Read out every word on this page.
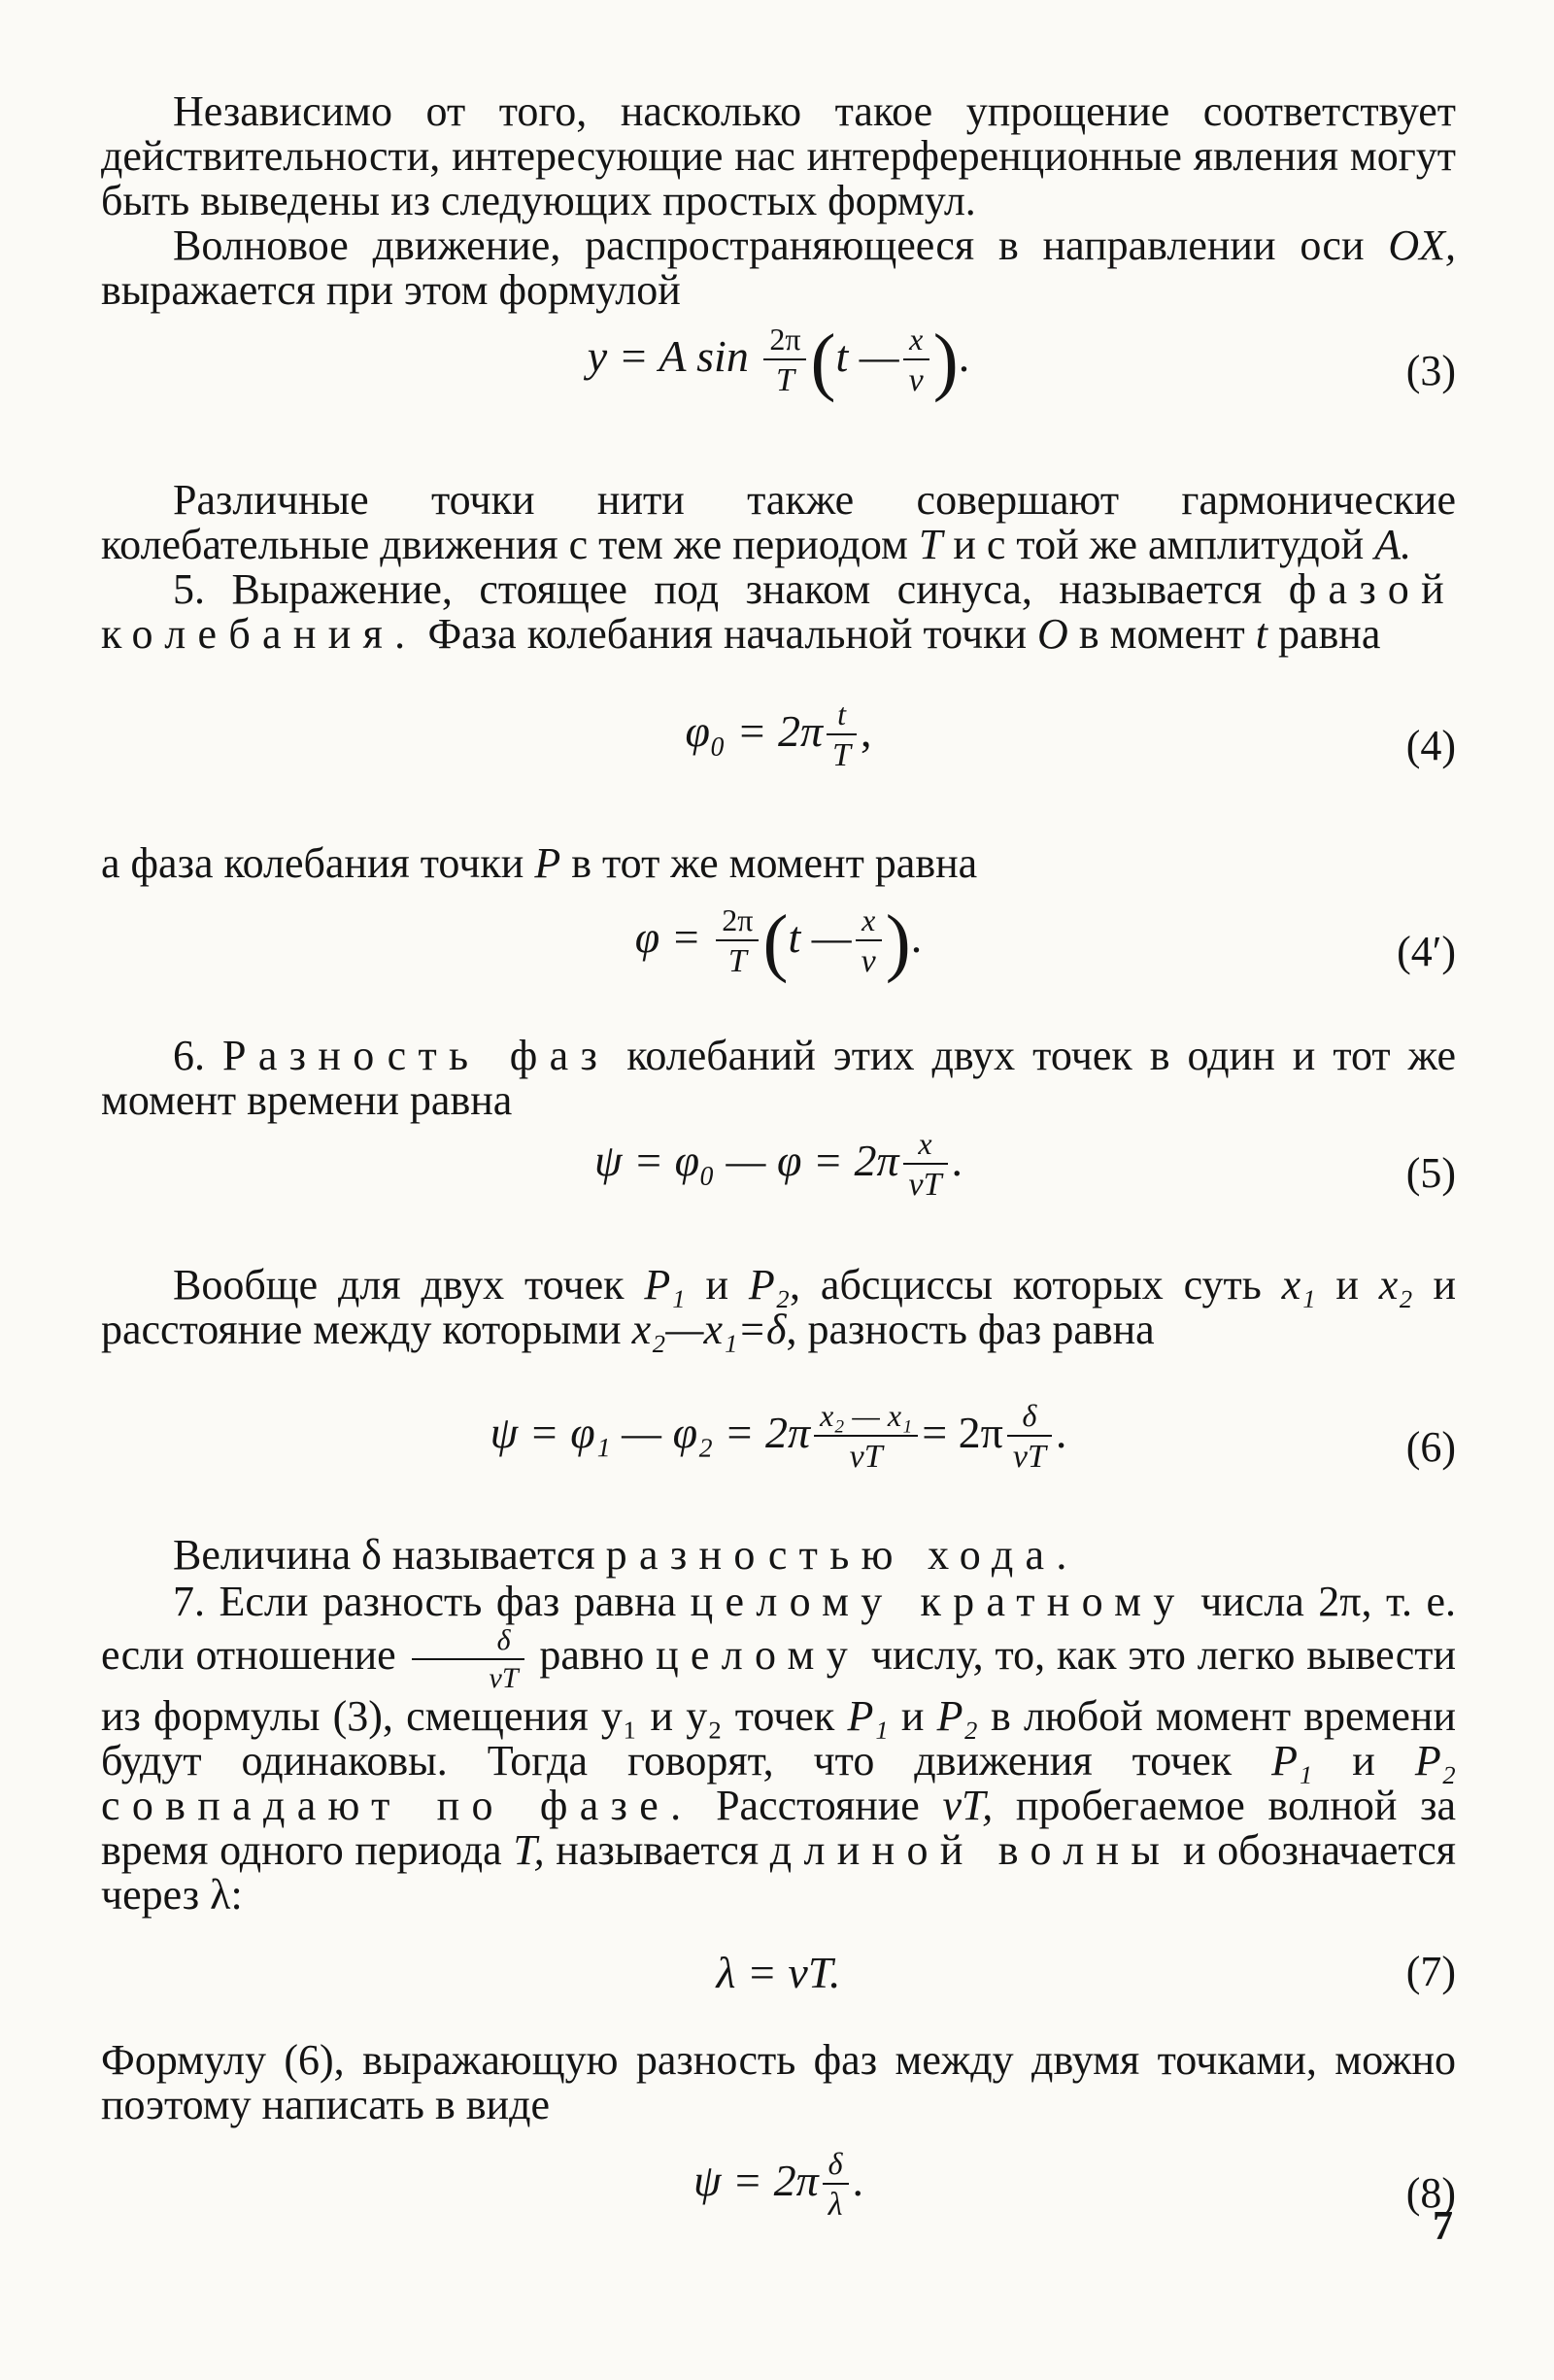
Независимо от того, насколько такое упрощение соответствует действительности, интересующие нас интерференционные явления могут быть выведены из следующих простых формул.

Волновое движение, распространяющееся в направлении оси OX, выражается при этом формулой

y = A $\sin \frac{2\pi}{T} (t$ — $\frac{x}{v}$ ).	(3)

Различные точки нити также совершают гармонические колебательные движения с тем же периодом T и с той же амплитудой A.

5. Выражение, стоящее под знаком синуса, называется фазой колебания. Фаза колебания начальной точки O в момент t равна

$\varphi_0 = 2\pi \frac{t}{T}$ ,	(4)

а фаза колебания точки P в тот же момент равна

$\varphi = \frac{2\pi}{T} (t$ — $\frac{x}{v}$ ).	(4′)

6. Разность фаз колебаний этих двух точек в один и тот же момент времени равна

ψ = φ₀ — $\varphi = 2\pi \frac{x}{vT}$ .	(5)

Вообще для двух точек P₁ и P₂, абсциссы которых суть x₁ и x₂ и расстояние между которыми x₂—x₁=δ, разность фаз равна

ψ = φ₁ — $\varphi_2 = 2\pi \frac{\text{x₂ — x₁}}{vT} = 2\pi \frac{\delta}{vT}$ .	(6)

Величина δ называется разностью хода.

7. Если разность фаз равна целому кратному числа 2π, т. е. если отношение $\frac{\delta}{vT}$ равно целому числу, то, как это легко вывести из формулы (3), смещения y₁ и y₂ точек P₁ и P₂ в любой момент времени будут одинаковы. Тогда говорят, что движения точек P₁ и P₂ совпадают по фазе. Расстояние vT, пробегаемое волной за время одного периода T, называется длиной волны и обозначается через λ:

λ = vT.	(7)

Формулу (6), выражающую разность фаз между двумя точками, можно поэтому написать в виде

$\psi = 2\pi \frac{\delta}{\lambda}$ .	(8)
7
